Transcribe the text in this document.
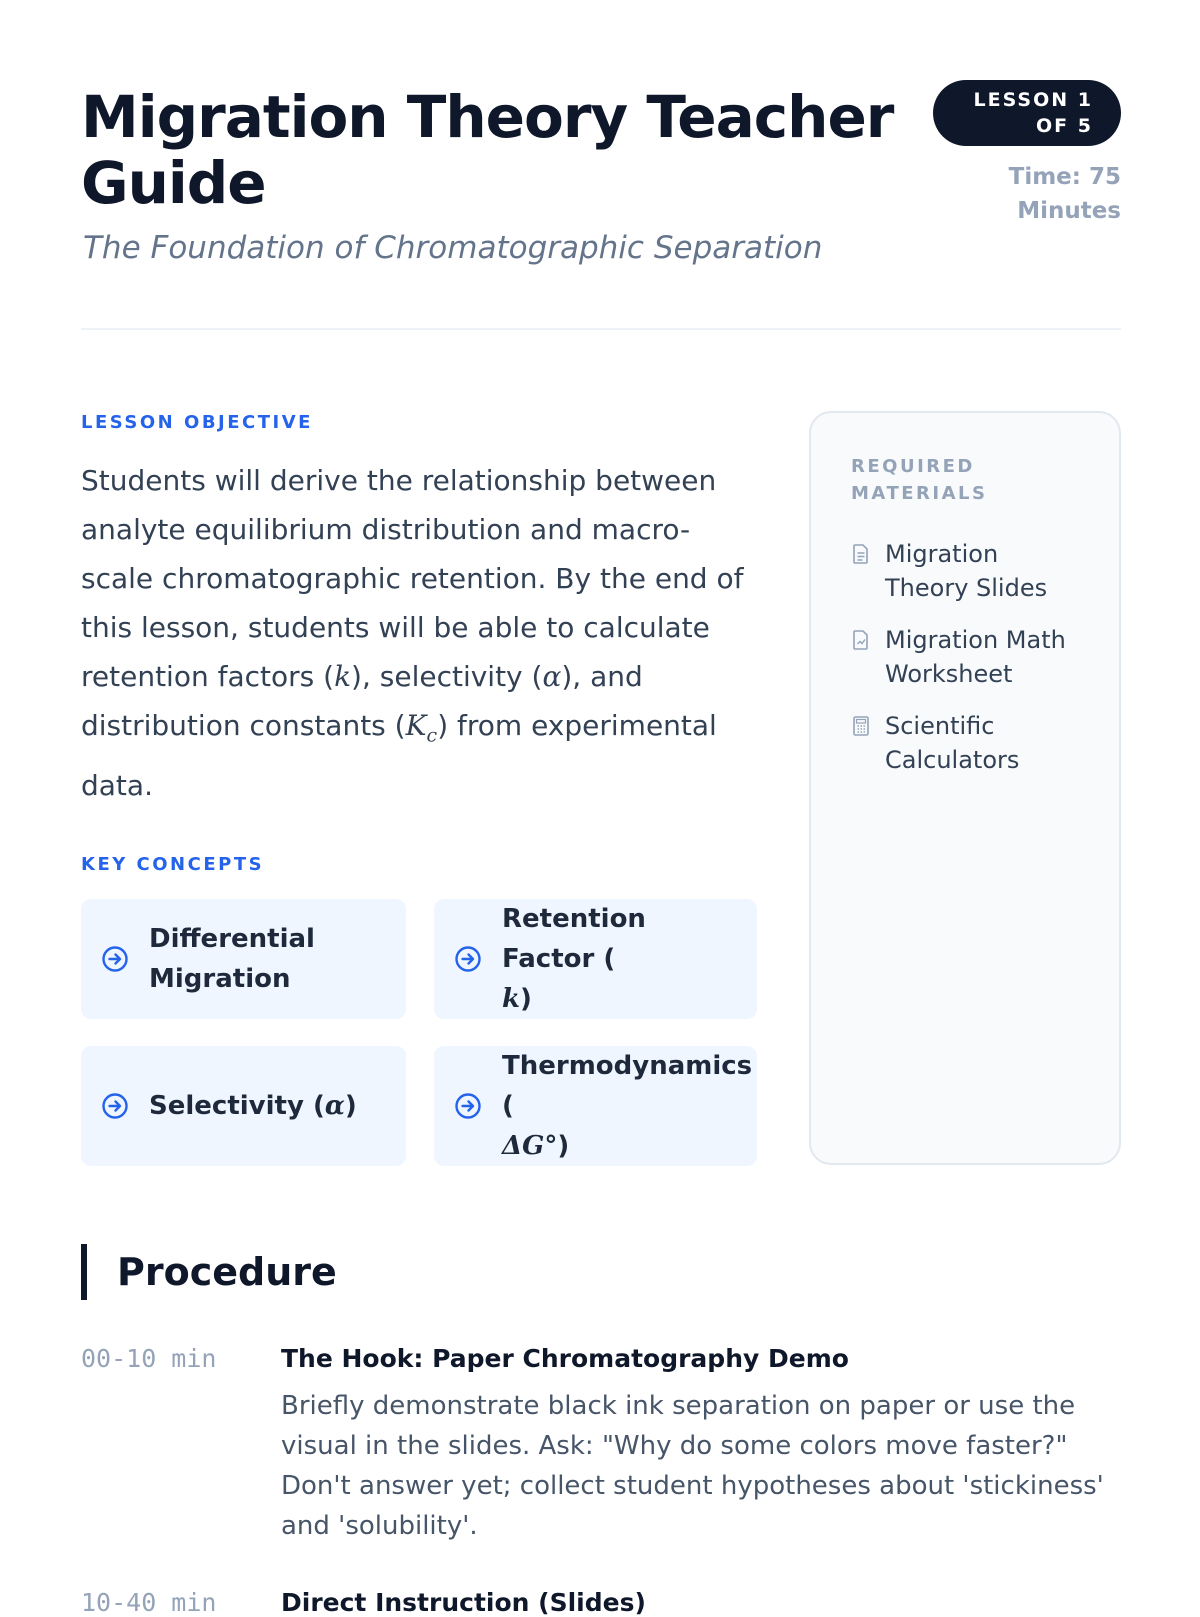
Migration Theory Teacher Guide
The Foundation of Chromatographic Separation
LESSON 1 OF 5
Time: 75 Minutes
LESSON OBJECTIVE

Students will derive the relationship between analyte equilibrium distribution and macro-scale chromatographic retention. By the end of this lesson, students will be able to calculate retention factors (k), selectivity (α), and distribution constants $(K_c)$ from experimental data.

KEY CONCEPTS
Differential Migration
Retention Factor (
k)
Selectivity (α)
Thermodynamics (
ΔG°)
REQUIRED MATERIALS
Migration Theory Slides
Migration Math Worksheet
Scientific Calculators
Procedure
00-10 min	The Hook: Paper Chromatography Demo

Briefly demonstrate black ink separation on paper or use the visual in the slides. Ask: "Why do some colors move faster?" Don't answer yet; collect student hypotheses about 'stickiness' and 'solubility'.

10-40 min	Direct Instruction (Slides)
